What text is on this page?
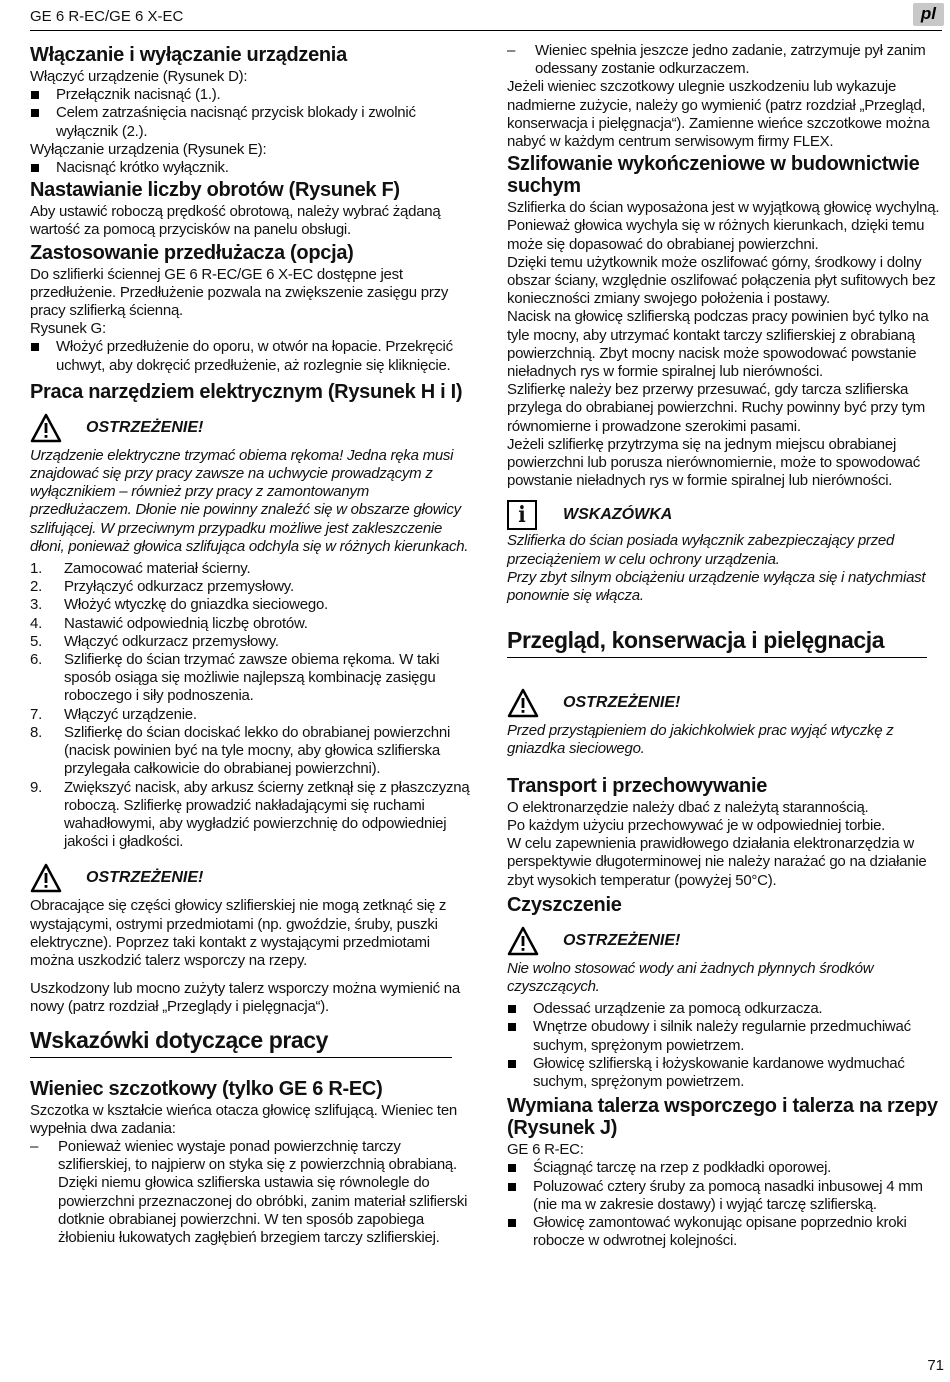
GE 6 R-EC/GE 6 X-EC	pl
Włączanie i wyłączanie urządzenia

Włączyć urządzenie (Rysunek D):

Przełącznik nacisnąć (1.).

Celem zatrzaśnięcia nacisnąć przycisk blokady i zwolnić wyłącznik (2.).

Wyłączanie urządzenia (Rysunek E):

Nacisnąć krótko wyłącznik.

Nastawianie liczby obrotów (Rysunek F)

Aby ustawić roboczą prędkość obrotową, należy wybrać żądaną wartość za pomocą przycisków na panelu obsługi.

Zastosowanie przedłużacza (opcja)

Do szlifierki ściennej GE 6 R-EC/GE 6 X-EC dostępne jest przedłużenie. Przedłużenie pozwala na zwiększenie zasięgu przy pracy szlifierką ścienną.

Rysunek G:

Włożyć przedłużenie do oporu, w otwór na łopacie. Przekręcić uchwyt, aby dokręcić przedłużenie, aż rozlegnie się kliknięcie.

Praca narzędziem elektrycznym (Rysunek H i I)
OSTRZEŻENIE!

Urządzenie elektryczne trzymać obiema rękoma! Jedna ręka musi znajdować się przy pracy zawsze na uchwycie prowadzącym z wyłącznikiem – również przy pracy z zamontowanym przedłużaczem. Dłonie nie powinny znaleźć się w obszarze głowicy szlifującej. W przeciwnym przypadku możliwe jest zakleszczenie dłoni, ponieważ głowica szlifująca odchyla się w różnych kierunkach.

1. Zamocować materiał ścierny.

2. Przyłączyć odkurzacz przemysłowy.

3. Włożyć wtyczkę do gniazdka sieciowego.

4. Nastawić odpowiednią liczbę obrotów.

5. Włączyć odkurzacz przemysłowy.

6. Szlifierkę do ścian trzymać zawsze obiema rękoma. W taki sposób osiąga się możliwie najlepszą kombinację zasięgu roboczego i siły podnoszenia.

7. Włączyć urządzenie.

8. Szlifierkę do ścian dociskać lekko do obrabianej powierzchni (nacisk powinien być na tyle mocny, aby głowica szlifierska przylegała całkowicie do obrabianej powierzchni).

9. Zwiększyć nacisk, aby arkusz ścierny zetknął się z płaszczyzną roboczą. Szlifierkę prowadzić nakładającymi się ruchami wahadłowymi, aby wygładzić powierzchnię do odpowiedniej jakości i gładkości.

OSTRZEŻENIE!

Obracające się części głowicy szlifierskiej nie mogą zetknąć się z wystającymi, ostrymi przedmiotami (np. gwoździe, śruby, puszki elektryczne). Poprzez taki kontakt z wystającymi przedmiotami można uszkodzić talerz wsporczy na rzepy.

Uszkodzony lub mocno zużyty talerz wsporczy można wymienić na nowy (patrz rozdział „Przeglądy i pielęgnacja“).

Wskazówki dotyczące pracy
Wieniec szczotkowy (tylko GE 6 R-EC)

Szczotka w kształcie wieńca otacza głowicę szlifującą. Wieniec ten wypełnia dwa zadania:

– Ponieważ wieniec wystaje ponad powierzchnię tarczy szlifierskiej, to najpierw on styka się z powierzchnią obrabianą. Dzięki niemu głowica szlifierska ustawia się równolegle do powierzchni przeznaczonej do obróbki, zanim materiał szlifierski dotknie obrabianej powierzchni. W ten sposób zapobiega żłobieniu łukowatych zagłębień brzegiem tarczy szlifierskiej.

– Wieniec spełnia jeszcze jedno zadanie, zatrzymuje pył zanim odessany zostanie odkurzaczem.

Jeżeli wieniec szczotkowy ulegnie uszkodzeniu lub wykazuje nadmierne zużycie, należy go wymienić (patrz rozdział „Przegląd, konserwacja i pielęgnacja“). Zamienne wieńce szczotkowe można nabyć w każdym centrum serwisowym firmy FLEX.

Szlifowanie wykończeniowe w budownictwie suchym

Szlifierka do ścian wyposażona jest w wyjątkową głowicę wychylną. Ponieważ głowica wychyla się w różnych kierunkach, dzięki temu może się dopasować do obrabianej powierzchni.

Dzięki temu użytkownik może oszlifować górny, środkowy i dolny obszar ściany, względnie oszlifować połączenia płyt sufitowych bez konieczności zmiany swojego położenia i postawy.

Nacisk na głowicę szlifierską podczas pracy powinien być tylko na tyle mocny, aby utrzymać kontakt tarczy szlifierskiej z obrabianą powierzchnią. Zbyt mocny nacisk może spowodować powstanie nieładnych rys w formie spiralnej lub nierówności.

Szlifierkę należy bez przerwy przesuwać, gdy tarcza szlifierska przylega do obrabianej powierzchni. Ruchy powinny być przy tym równomierne i prowadzone szerokimi pasami.

Jeżeli szlifierkę przytrzyma się na jednym miejscu obrabianej powierzchni lub porusza nierównomiernie, może to spowodować powstanie nieładnych rys w formie spiralnej lub nierówności.

i	WSKAZÓWKA

Szlifierka do ścian posiada wyłącznik zabezpieczający przed przeciążeniem w celu ochrony urządzenia.

Przy zbyt silnym obciążeniu urządzenie wyłącza się i natychmiast ponownie się włącza.

Przegląd, konserwacja i pielęgnacja
OSTRZEŻENIE!

Przed przystąpieniem do jakichkolwiek prac wyjąć wtyczkę z gniazdka sieciowego.

Transport i przechowywanie

O elektronarzędzie należy dbać z należytą starannością.

Po każdym użyciu przechowywać je w odpowiedniej torbie.

W celu zapewnienia prawidłowego działania elektronarzędzia w perspektywie długoterminowej nie należy narażać go na działanie zbyt wysokich temperatur (powyżej 50°C).

Czyszczenie
OSTRZEŻENIE!

Nie wolno stosować wody ani żadnych płynnych środków czyszczących.

Odessać urządzenie za pomocą odkurzacza.

Wnętrze obudowy i silnik należy regularnie przedmuchiwać suchym, sprężonym powietrzem.

Głowicę szlifierską i łożyskowanie kardanowe wydmuchać suchym, sprężonym powietrzem.

Wymiana talerza wsporczego i talerza na rzepy (Rysunek J)

GE 6 R-EC:

Ściągnąć tarczę na rzep z podkładki oporowej.

Poluzować cztery śruby za pomocą nasadki inbusowej 4 mm (nie ma w zakresie dostawy) i wyjąć tarczę szlifierską.

Głowicę zamontować wykonując opisane poprzednio kroki robocze w odwrotnej kolejności.

71
